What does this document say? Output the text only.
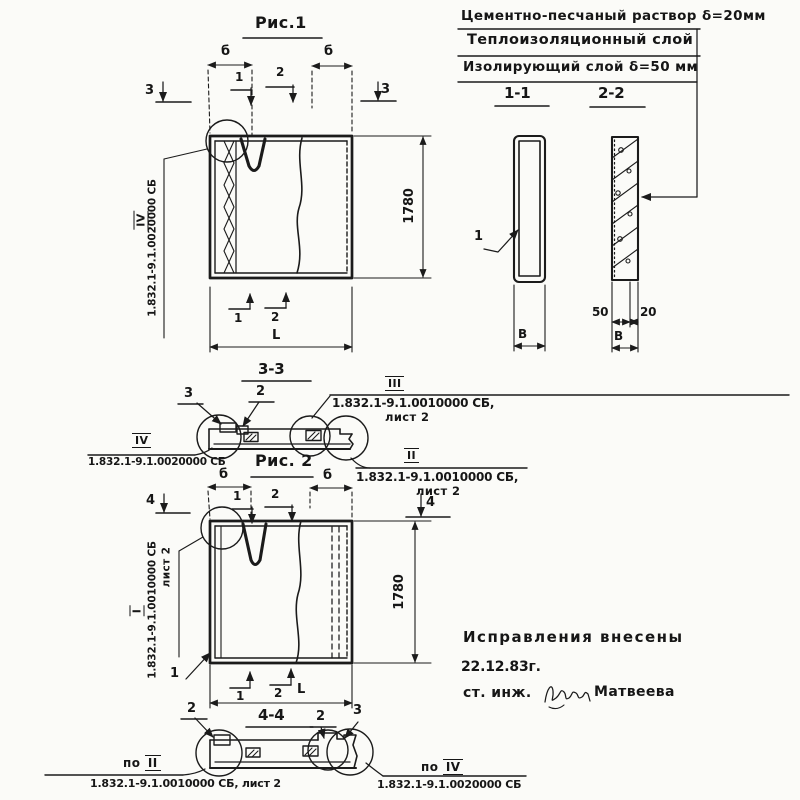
Цементно-песчаный раствор δ=20мм
Теплоизоляционный слой
Изолирующий слой δ=50 мм
Рис.1
б	б
3	3
1	2
1 2
1780
L
IV
1.832.1-9.1.0020000 СБ
1-1
1
В
2-2
50	20
В
3-3
3	2
IV
1.832.1-9.1.0020000 СБ
III
1.832.1-9.1.0010000 СБ,
лист 2
II
1.832.1-9.1.0010000 СБ,
лист 2
Рис. 2
4	4
б	б
1 2
I 1.832.1-9.1.0010000 СБ лист 2
1780
1
1 2 L
4-4
2
2 3
по II
1.832.1-9.1.0010000 СБ, лист 2
по IV
1.832.1-9.1.0020000 СБ
Исправления внесены
22.12.83г.
ст. инж.	Матвеева
